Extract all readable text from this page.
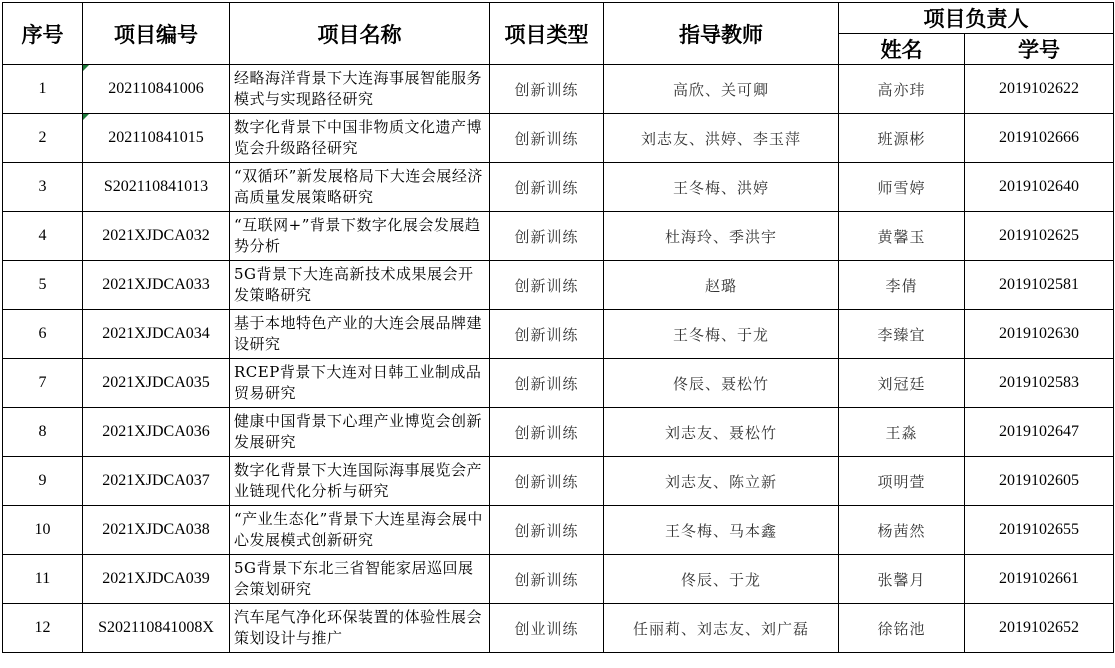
序号	项目编号	项目名称	项目类型	指导教师	项目负责人	
					姓名	学号
1	202110841006	经略海洋背景下大连海事展智能服务模式与实现路径研究	创新训练	高欣、关可卿	高亦玮	2019102622
2	202110841015	数字化背景下中国非物质文化遗产博览会升级路径研究	创新训练	刘志友、洪婷、李玉萍	班源彬	2019102666
3	S202110841013	“双循环”新发展格局下大连会展经济高质量发展策略研究	创新训练	王冬梅、洪婷	师雪婷	2019102640
4	2021XJDCA032	“互联网+”背景下数字化展会发展趋势分析	创新训练	杜海玲、季洪宇	黄馨玉	2019102625
5	2021XJDCA033	5G背景下大连高新技术成果展会开发策略研究	创新训练	赵璐	李倩	2019102581
6	2021XJDCA034	基于本地特色产业的大连会展品牌建设研究	创新训练	王冬梅、于龙	李臻宜	2019102630
7	2021XJDCA035	RCEP背景下大连对日韩工业制成品贸易研究	创新训练	佟辰、聂松竹	刘冠廷	2019102583
8	2021XJDCA036	健康中国背景下心理产业博览会创新发展研究	创新训练	刘志友、聂松竹	王淼	2019102647
9	2021XJDCA037	数字化背景下大连国际海事展览会产业链现代化分析与研究	创新训练	刘志友、陈立新	项明萱	2019102605
10	2021XJDCA038	“产业生态化”背景下大连星海会展中心发展模式创新研究	创新训练	王冬梅、马本鑫	杨茜然	2019102655
11	2021XJDCA039	5G背景下东北三省智能家居巡回展会策划研究	创新训练	佟辰、于龙	张馨月	2019102661
12	S202110841008X	汽车尾气净化环保装置的体验性展会策划设计与推广	创业训练	任丽莉、刘志友、刘广磊	徐铭池	2019102652
